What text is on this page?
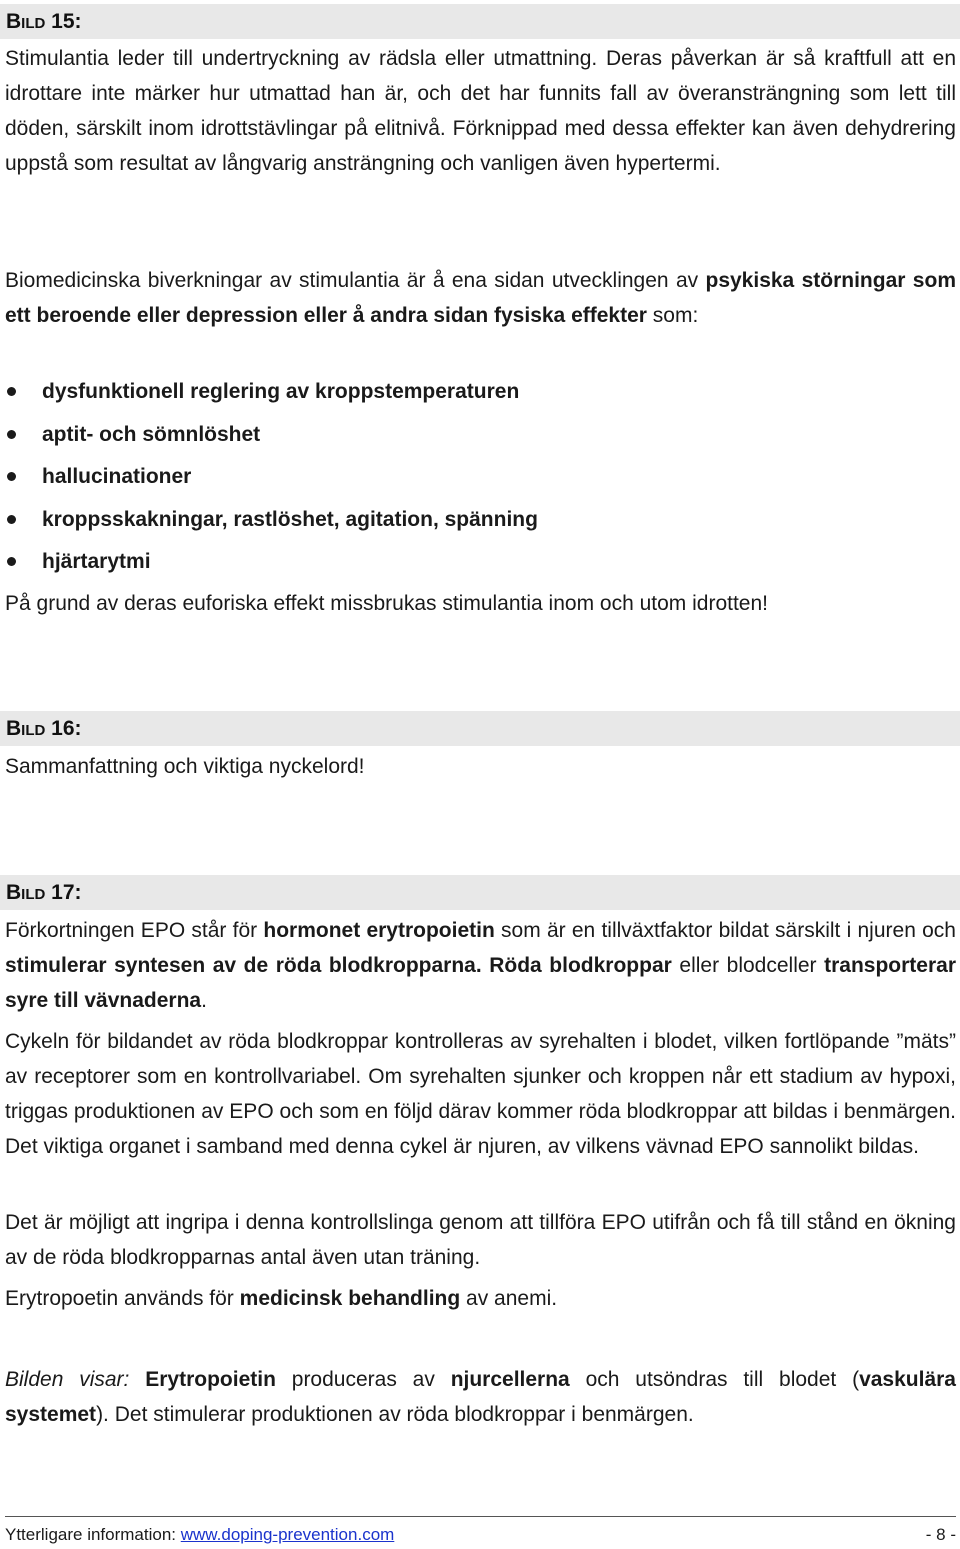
BILD 15:

Stimulantia leder till undertryckning av rädsla eller utmattning. Deras påverkan är så kraftfull att en idrottare inte märker hur utmattad han är, och det har funnits fall av överansträngning som lett till döden, särskilt inom idrottstävlingar på elitnivå. Förknippad med dessa effekter kan även dehydrering uppstå som resultat av långvarig ansträngning och vanligen även hypertermi.

Biomedicinska biverkningar av stimulantia är å ena sidan utvecklingen av psykiska störningar som ett beroende eller depression eller å andra sidan fysiska effekter som:

dysfunktionell reglering av kroppstemperaturen
aptit- och sömnlöshet
hallucinationer
kroppsskakningar, rastlöshet, agitation, spänning
hjärtarytmi

På grund av deras euforiska effekt missbrukas stimulantia inom och utom idrotten!

BILD 16:

Sammanfattning och viktiga nyckelord!

BILD 17:

Förkortningen EPO står för hormonet erytropoietin som är en tillväxtfaktor bildat särskilt i njuren och stimulerar syntesen av de röda blodkropparna. Röda blodkroppar eller blodceller transporterar syre till vävnaderna.

Cykeln för bildandet av röda blodkroppar kontrolleras av syrehalten i blodet, vilken fortlöpande ”mäts” av receptorer som en kontrollvariabel. Om syrehalten sjunker och kroppen når ett stadium av hypoxi, triggas produktionen av EPO och som en följd därav kommer röda blodkroppar att bildas i benmärgen. Det viktiga organet i samband med denna cykel är njuren, av vilkens vävnad EPO sannolikt bildas.

Det är möjligt att ingripa i denna kontrollslinga genom att tillföra EPO utifrån och få till stånd en ökning av de röda blodkropparnas antal även utan träning.

Erytropoetin används för medicinsk behandling av anemi.

Bilden visar: Erytropoietin produceras av njurcellerna och utsöndras till blodet (vaskulära systemet). Det stimulerar produktionen av röda blodkroppar i benmärgen.

Ytterligare information: www.doping-prevention.com	- 8 -
